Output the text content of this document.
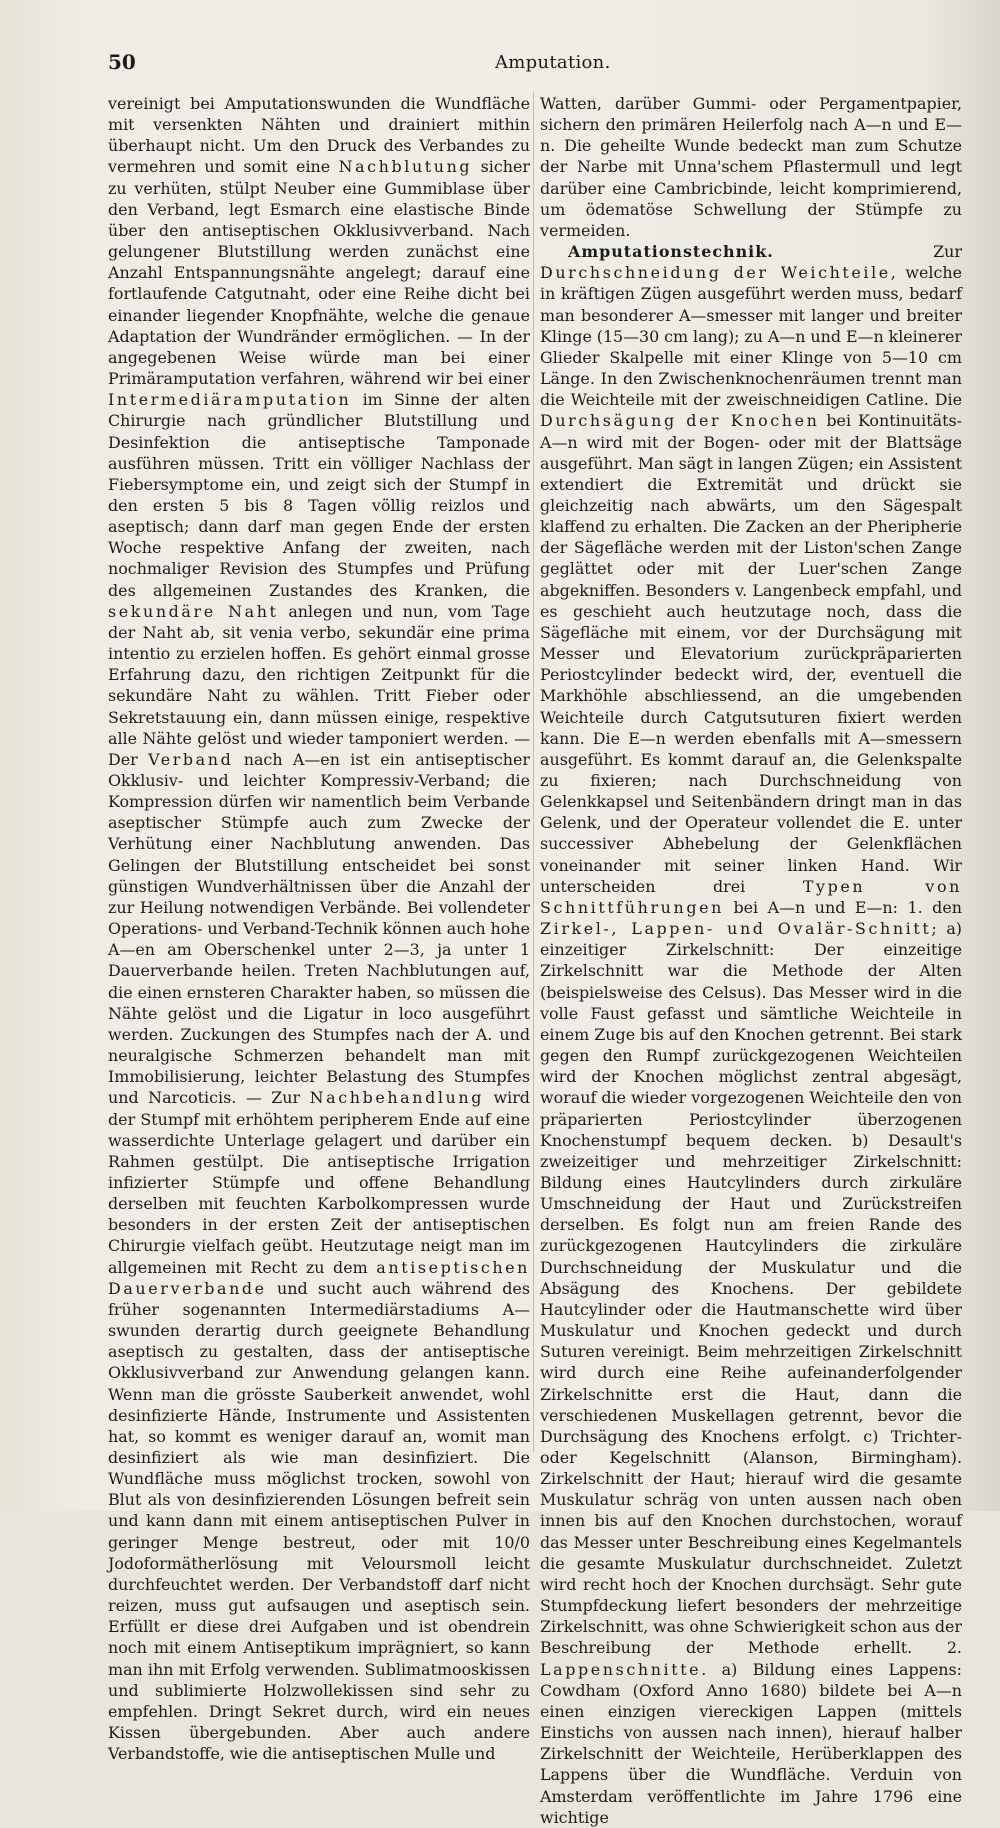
50	Amputation.

vereinigt bei Amputationswunden die Wundfläche mit versenkten Nähten und drainiert mithin überhaupt nicht. Um den Druck des Verbandes zu vermehren und somit eine Nachblutung sicher zu verhüten, stülpt Neuber eine Gummiblase über den Verband, legt Esmarch eine elastische Binde über den antiseptischen Okklusivverband. Nach gelungener Blutstillung werden zunächst eine Anzahl Entspannungsnähte angelegt; darauf eine fortlaufende Catgutnaht, oder eine Reihe dicht bei einander liegender Knopfnähte, welche die genaue Adaptation der Wundränder ermöglichen. — In der angegebenen Weise würde man bei einer Primäramputation verfahren, während wir bei einer Intermediäramputation im Sinne der alten Chirurgie nach gründlicher Blutstillung und Desinfektion die antiseptische Tamponade ausführen müssen. Tritt ein völliger Nachlass der Fiebersymptome ein, und zeigt sich der Stumpf in den ersten 5 bis 8 Tagen völlig reizlos und aseptisch; dann darf man gegen Ende der ersten Woche respektive Anfang der zweiten, nach nochmaliger Revision des Stumpfes und Prüfung des allgemeinen Zustandes des Kranken, die sekundäre Naht anlegen und nun, vom Tage der Naht ab, sit venia verbo, sekundär eine prima intentio zu erzielen hoffen. Es gehört einmal grosse Erfahrung dazu, den richtigen Zeitpunkt für die sekundäre Naht zu wählen. Tritt Fieber oder Sekretstauung ein, dann müssen einige, respektive alle Nähte gelöst und wieder tamponiert werden. — Der Verband nach A—en ist ein antiseptischer Okklusiv- und leichter Kompressiv-Verband; die Kompression dürfen wir namentlich beim Verbande aseptischer Stümpfe auch zum Zwecke der Verhütung einer Nachblutung anwenden. Das Gelingen der Blutstillung entscheidet bei sonst günstigen Wundverhältnissen über die Anzahl der zur Heilung notwendigen Verbände. Bei vollendeter Operations- und Verband-Technik können auch hohe A—en am Oberschenkel unter 2—3, ja unter 1 Dauerverbande heilen. Treten Nachblutungen auf, die einen ernsteren Charakter haben, so müssen die Nähte gelöst und die Ligatur in loco ausgeführt werden. Zuckungen des Stumpfes nach der A. und neuralgische Schmerzen behandelt man mit Immobilisierung, leichter Belastung des Stumpfes und Narcoticis. — Zur Nachbehandlung wird der Stumpf mit erhöhtem peripherem Ende auf eine wasserdichte Unterlage gelagert und darüber ein Rahmen gestülpt. Die antiseptische Irrigation infizierter Stümpfe und offene Behandlung derselben mit feuchten Karbolkompressen wurde besonders in der ersten Zeit der antiseptischen Chirurgie vielfach geübt. Heutzutage neigt man im allgemeinen mit Recht zu dem antiseptischen Dauerverbande und sucht auch während des früher sogenannten Intermediärstadiums A—swunden derartig durch geeignete Behandlung aseptisch zu gestalten, dass der antiseptische Okklusivverband zur Anwendung gelangen kann. Wenn man die grösste Sauberkeit anwendet, wohl desinfizierte Hände, Instrumente und Assistenten hat, so kommt es weniger darauf an, womit man desinfiziert als wie man desinfiziert. Die Wundfläche muss möglichst trocken, sowohl von Blut als von desinfizierenden Lösungen befreit sein und kann dann mit einem antiseptischen Pulver in geringer Menge bestreut, oder mit 10/0 Jodoformätherlösung mit Veloursmoll leicht durchfeuchtet werden. Der Verbandstoff darf nicht reizen, muss gut aufsaugen und aseptisch sein. Erfüllt er diese drei Aufgaben und ist obendrein noch mit einem Antiseptikum imprägniert, so kann man ihn mit Erfolg verwenden. Sublimatmooskissen und sublimierte Holzwollekissen sind sehr zu empfehlen. Dringt Sekret durch, wird ein neues Kissen übergebunden. Aber auch andere Verbandstoffe, wie die antiseptischen Mulle und

Watten, darüber Gummi- oder Pergamentpapier, sichern den primären Heilerfolg nach A—n und E—n. Die geheilte Wunde bedeckt man zum Schutze der Narbe mit Unna'schem Pflastermull und legt darüber eine Cambricbinde, leicht komprimierend, um ödematöse Schwellung der Stümpfe zu vermeiden.

Amputationstechnik. Zur Durchschneidung der Weichteile, welche in kräftigen Zügen ausgeführt werden muss, bedarf man besonderer A—smesser mit langer und breiter Klinge (15—30 cm lang); zu A—n und E—n kleinerer Glieder Skalpelle mit einer Klinge von 5—10 cm Länge. In den Zwischenknochenräumen trennt man die Weichteile mit der zweischneidigen Catline. Die Durchsägung der Knochen bei Kontinuitäts-A—n wird mit der Bogen- oder mit der Blattsäge ausgeführt. Man sägt in langen Zügen; ein Assistent extendiert die Extremität und drückt sie gleichzeitig nach abwärts, um den Sägespalt klaffend zu erhalten. Die Zacken an der Pheripherie der Sägefläche werden mit der Liston'schen Zange geglättet oder mit der Luer'schen Zange abgekniffen. Besonders v. Langenbeck empfahl, und es geschieht auch heutzutage noch, dass die Sägefläche mit einem, vor der Durchsägung mit Messer und Elevatorium zurückpräparierten Periostcylinder bedeckt wird, der, eventuell die Markhöhle abschliessend, an die umgebenden Weichteile durch Catgutsuturen fixiert werden kann. Die E—n werden ebenfalls mit A—smessern ausgeführt. Es kommt darauf an, die Gelenkspalte zu fixieren; nach Durchschneidung von Gelenkkapsel und Seitenbändern dringt man in das Gelenk, und der Operateur vollendet die E. unter successiver Abhebelung der Gelenkflächen voneinander mit seiner linken Hand. Wir unterscheiden drei Typen von Schnittführungen bei A—n und E—n: 1. den Zirkel-, Lappen- und Ovalär-Schnitt; a) einzeitiger Zirkelschnitt: Der einzeitige Zirkelschnitt war die Methode der Alten (beispielsweise des Celsus). Das Messer wird in die volle Faust gefasst und sämtliche Weichteile in einem Zuge bis auf den Knochen getrennt. Bei stark gegen den Rumpf zurückgezogenen Weichteilen wird der Knochen möglichst zentral abgesägt, worauf die wieder vorgezogenen Weichteile den von präparierten Periostcylinder überzogenen Knochenstumpf bequem decken. b) Desault's zweizeitiger und mehrzeitiger Zirkelschnitt: Bildung eines Hautcylinders durch zirkuläre Umschneidung der Haut und Zurückstreifen derselben. Es folgt nun am freien Rande des zurückgezogenen Hautcylinders die zirkuläre Durchschneidung der Muskulatur und die Absägung des Knochens. Der gebildete Hautcylinder oder die Hautmanschette wird über Muskulatur und Knochen gedeckt und durch Suturen vereinigt. Beim mehrzeitigen Zirkelschnitt wird durch eine Reihe aufeinanderfolgender Zirkelschnitte erst die Haut, dann die verschiedenen Muskellagen getrennt, bevor die Durchsägung des Knochens erfolgt. c) Trichter- oder Kegelschnitt (Alanson, Birmingham). Zirkelschnitt der Haut; hierauf wird die gesamte Muskulatur schräg von unten aussen nach oben innen bis auf den Knochen durchstochen, worauf das Messer unter Beschreibung eines Kegelmantels die gesamte Muskulatur durchschneidet. Zuletzt wird recht hoch der Knochen durchsägt. Sehr gute Stumpfdeckung liefert besonders der mehrzeitige Zirkelschnitt, was ohne Schwierigkeit schon aus der Beschreibung der Methode erhellt. 2. Lappenschnitte. a) Bildung eines Lappens: Cowdham (Oxford Anno 1680) bildete bei A—n einen einzigen viereckigen Lappen (mittels Einstichs von aussen nach innen), hierauf halber Zirkelschnitt der Weichteile, Herüberklappen des Lappens über die Wundfläche. Verduin von Amsterdam veröffentlichte im Jahre 1796 eine wichtige
